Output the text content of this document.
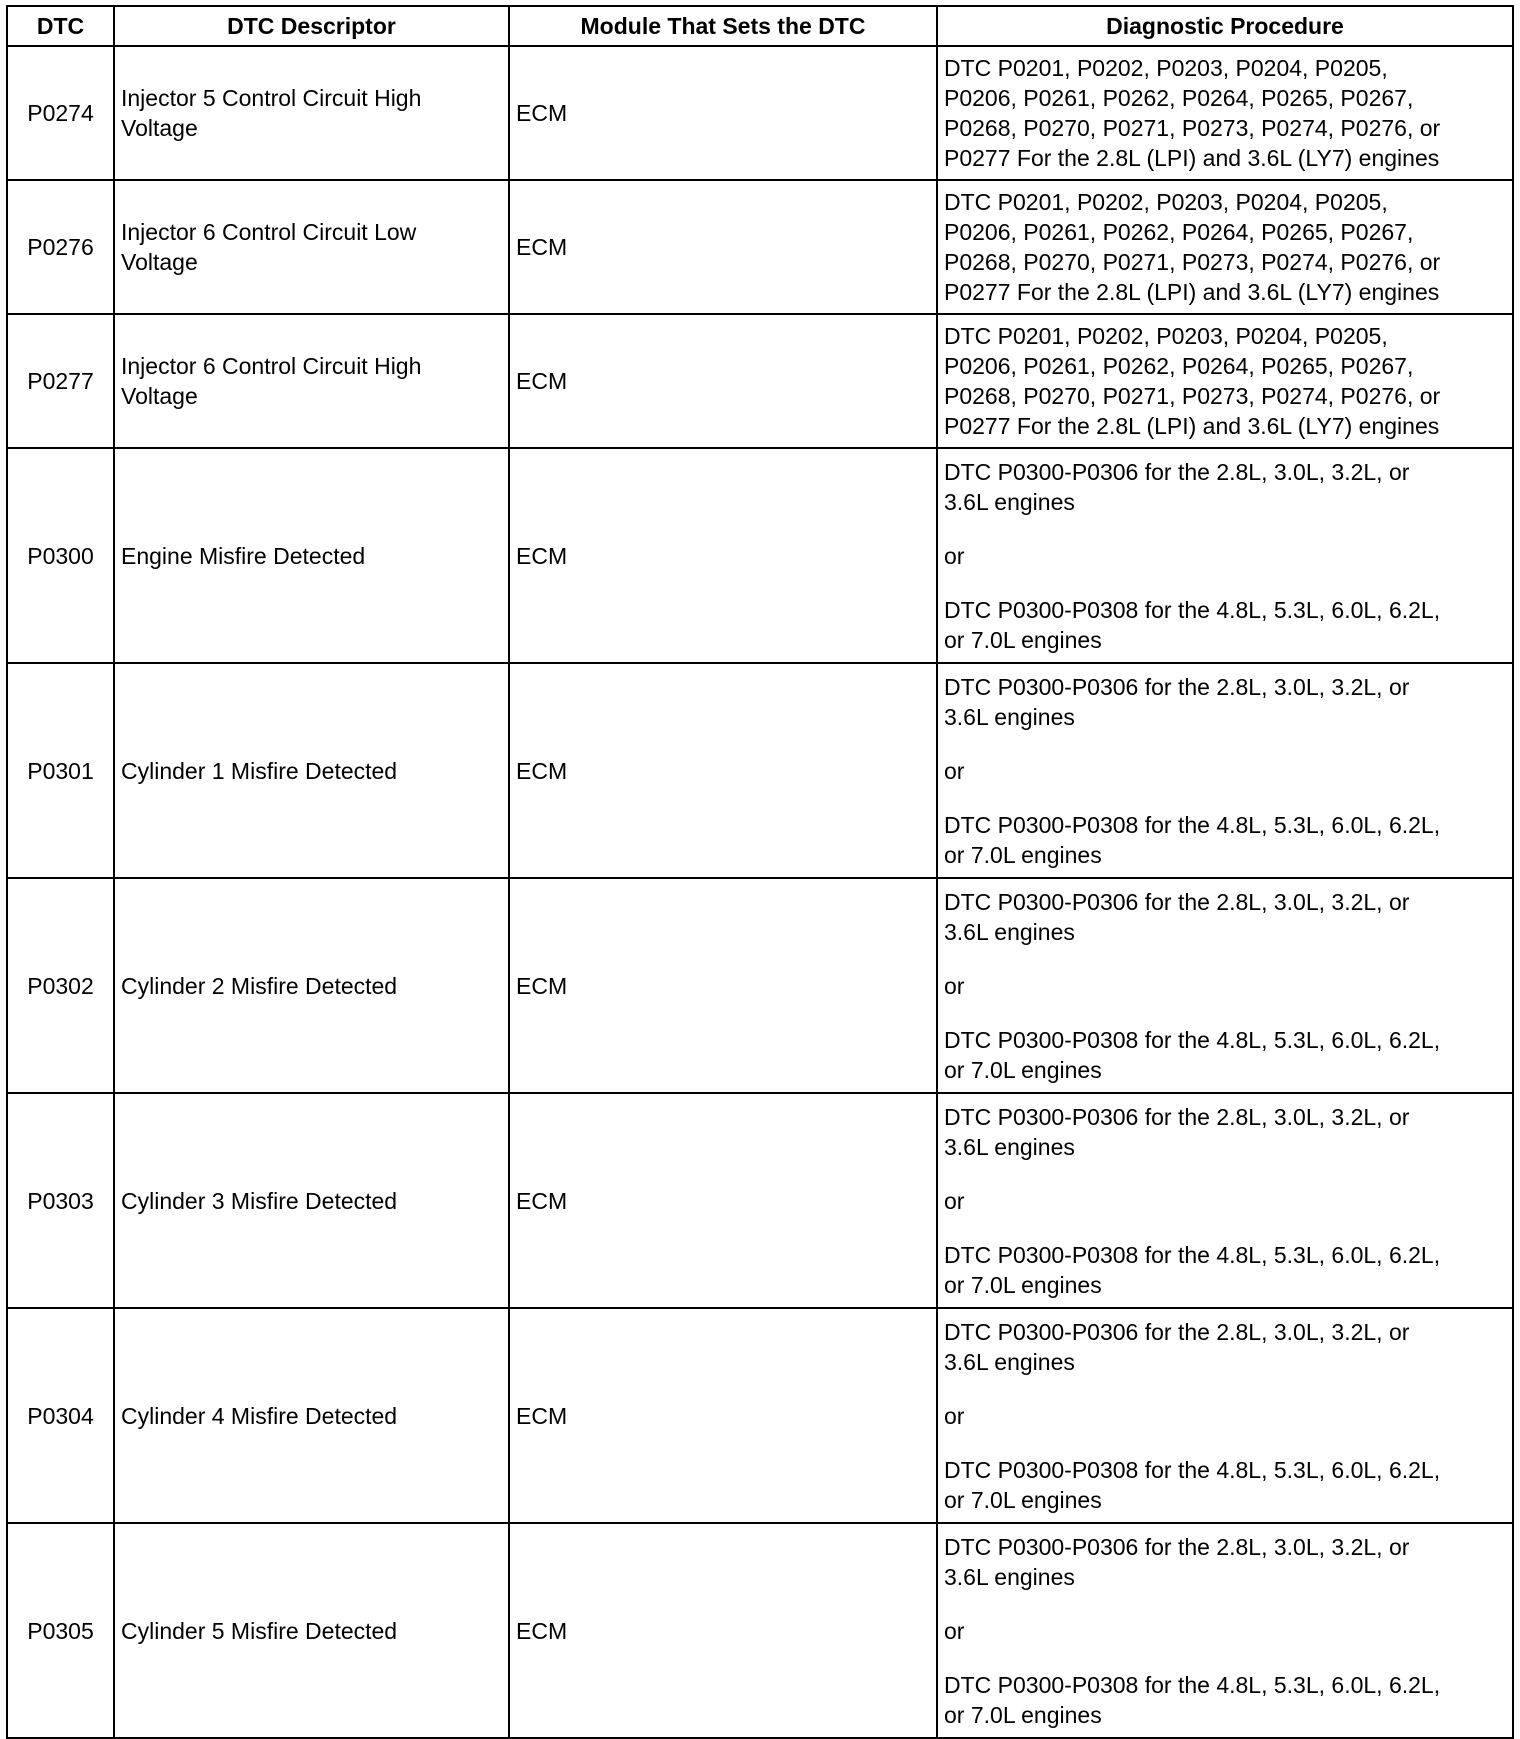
DTC	DTC Descriptor	Module That Sets the DTC	Diagnostic Procedure
P0274	Injector 5 Control Circuit High
Voltage	ECM	DTC P0201, P0202, P0203, P0204, P0205,
P0206, P0261, P0262, P0264, P0265, P0267,
P0268, P0270, P0271, P0273, P0274, P0276, or
P0277 For the 2.8L (LPI) and 3.6L (LY7) engines

P0276	Injector 6 Control Circuit Low
Voltage	ECM	DTC P0201, P0202, P0203, P0204, P0205,
P0206, P0261, P0262, P0264, P0265, P0267,
P0268, P0270, P0271, P0273, P0274, P0276, or
P0277 For the 2.8L (LPI) and 3.6L (LY7) engines

P0277	Injector 6 Control Circuit High
Voltage	ECM	DTC P0201, P0202, P0203, P0204, P0205,
P0206, P0261, P0262, P0264, P0265, P0267,
P0268, P0270, P0271, P0273, P0274, P0276, or
P0277 For the 2.8L (LPI) and 3.6L (LY7) engines

P0300	Engine Misfire Detected	ECM	DTC P0300-P0306 for the 2.8L, 3.0L, 3.2L, or
3.6L engines
or
DTC P0300-P0308 for the 4.8L, 5.3L, 6.0L, 6.2L,
or 7.0L engines

P0301	Cylinder 1 Misfire Detected	ECM	DTC P0300-P0306 for the 2.8L, 3.0L, 3.2L, or
3.6L engines
or
DTC P0300-P0308 for the 4.8L, 5.3L, 6.0L, 6.2L,
or 7.0L engines

P0302	Cylinder 2 Misfire Detected	ECM	DTC P0300-P0306 for the 2.8L, 3.0L, 3.2L, or
3.6L engines
or
DTC P0300-P0308 for the 4.8L, 5.3L, 6.0L, 6.2L,
or 7.0L engines

P0303	Cylinder 3 Misfire Detected	ECM	DTC P0300-P0306 for the 2.8L, 3.0L, 3.2L, or
3.6L engines
or
DTC P0300-P0308 for the 4.8L, 5.3L, 6.0L, 6.2L,
or 7.0L engines

P0304	Cylinder 4 Misfire Detected	ECM	DTC P0300-P0306 for the 2.8L, 3.0L, 3.2L, or
3.6L engines
or
DTC P0300-P0308 for the 4.8L, 5.3L, 6.0L, 6.2L,
or 7.0L engines

P0305	Cylinder 5 Misfire Detected	ECM	DTC P0300-P0306 for the 2.8L, 3.0L, 3.2L, or
3.6L engines
or
DTC P0300-P0308 for the 4.8L, 5.3L, 6.0L, 6.2L,
or 7.0L engines
